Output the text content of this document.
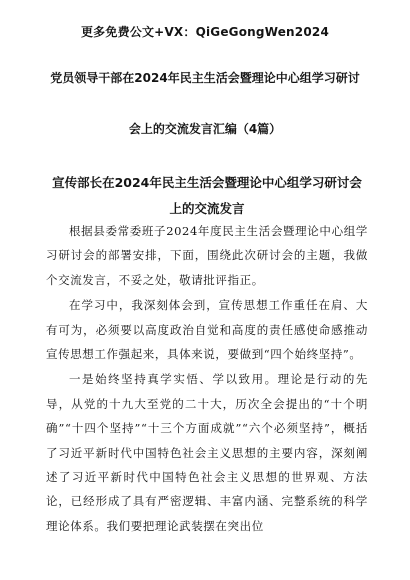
更多免费公文+VX：QiGeGongWen2024
党员领导干部在2024年民主生活会暨理论中心组学习研讨
会上的交流发言汇编（4篇）
宣传部长在2024年民主生活会暨理论中心组学习研讨会上的交流发言

根据县委常委班子2024年度民主生活会暨理论中心组学习研讨会的部署安排，下面，围绕此次研讨会的主题，我做个交流发言，不妥之处，敬请批评指正。

在学习中，我深刻体会到，宣传思想工作重任在肩、大有可为，必须要以高度政治自觉和高度的责任感使命感推动宣传思想工作强起来，具体来说，要做到“四个始终坚持”。

一是始终坚持真学实悟、学以致用。理论是行动的先导，从党的十九大至党的二十大，历次全会提出的“十个明确”“十四个坚持”“十三个方面成就”“六个必须坚持”，概括了习近平新时代中国特色社会主义思想的主要内容，深刻阐述了习近平新时代中国特色社会主义思想的世界观、方法论，已经形成了具有严密逻辑、丰富内涵、完整系统的科学理论体系。我们要把理论武装摆在突出位
